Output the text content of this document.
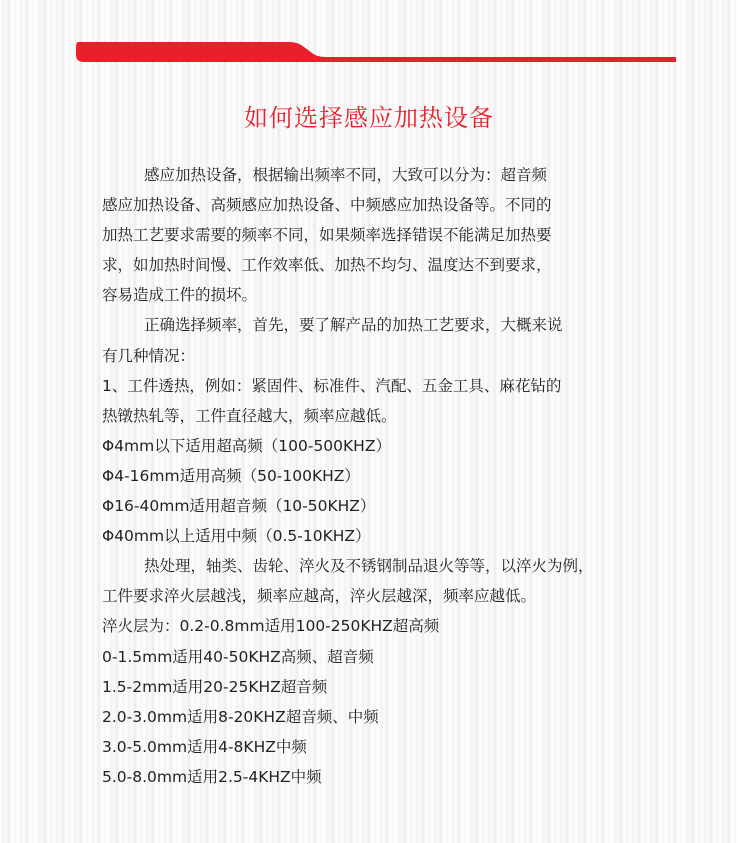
如何选择感应加热设备
感应加热设备，根据输出频率不同，大致可以分为：超音频
感应加热设备、高频感应加热设备、中频感应加热设备等。不同的
加热工艺要求需要的频率不同，如果频率选择错误不能满足加热要
求，如加热时间慢、工作效率低、加热不均匀、温度达不到要求，
容易造成工件的损坏。
正确选择频率，首先，要了解产品的加热工艺要求，大概来说
有几种情况：
1、工件透热，例如：紧固件、标准件、汽配、五金工具、麻花钻的
热镦热轧等，工件直径越大，频率应越低。
Φ4mm以下适用超高频（100-500KHZ）
Φ4-16mm适用高频（50-100KHZ）
Φ16-40mm适用超音频（10-50KHZ）
Φ40mm以上适用中频（0.5-10KHZ）
热处理，轴类、齿轮、淬火及不锈钢制品退火等等，以淬火为例，
工件要求淬火层越浅，频率应越高，淬火层越深，频率应越低。
淬火层为：0.2-0.8mm适用100-250KHZ超高频
0-1.5mm适用40-50KHZ高频、超音频
1.5-2mm适用20-25KHZ超音频
2.0-3.0mm适用8-20KHZ超音频、中频
3.0-5.0mm适用4-8KHZ中频
5.0-8.0mm适用2.5-4KHZ中频
